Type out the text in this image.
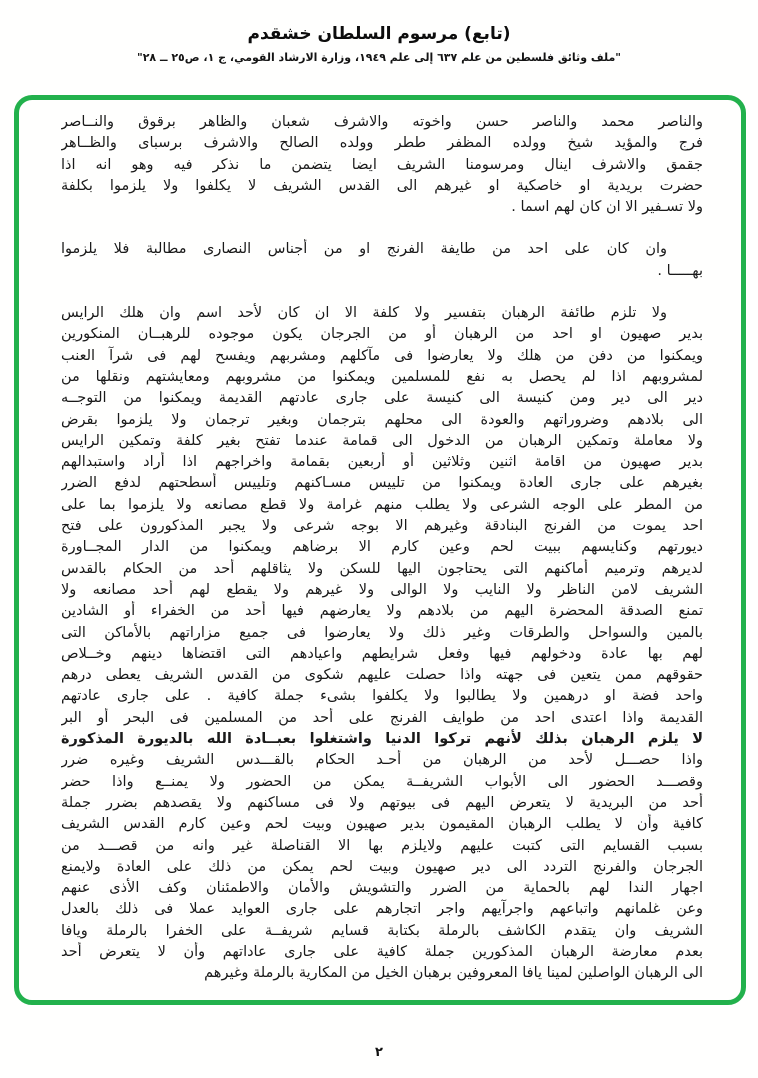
(تابع) مرسوم السلطان خشقدم
"ملف وثائق فلسطين من علم ٦٣٧ إلى علم ١٩٤٩، وزارة الارشاد القومي، ج ١، ص٢٥ ــ ٢٨"
والناصر محمد والناصر حسن واخوته والاشرف شعبان والظاهر برقوق والنــاصر
فرج والمؤيد شيخ وولده المظفر ططر وولده الصالح والاشرف برسباى والظــاهر
جقمق والاشرف اينال ومرسومنا الشريف ايضا يتضمن ما نذكر فيه وهو انه اذا
حضرت بريدية او خاصكية او غيرهم الى القدس الشريف لا يكلفوا ولا يلزموا بكلفة
ولا تسـفير الا ان كان لهم اسما .
وان كان على احد من طايفة الفرنج او من أجناس النصارى مطالبة فلا يلزموا
بهـــــا .
ولا تلزم طائفة الرهبان بتفسير ولا كلفة الا ان كان لأحد اسم وان هلك الرايس
بدير صهيون او احد من الرهبان أو من الجرجان يكون موجوده للرهبــان المنكورين
ويمكنوا من دفن من هلك ولا يعارضوا فى مآكلهم ومشربهم ويفسح لهم فى شرآ العنب
لمشروبهم اذا لم يحصل به نفع للمسلمين ويمكنوا من مشروبهم ومعايشتهم ونقلها من
دير الى دير ومن كنيسة الى كنيسة على جارى عادتهم القديمة ويمكنوا من التوجــه
الى بلادهم وضروراتهم والعودة الى محلهم بترجمان وبغير ترجمان ولا يلزموا بقرض
ولا معاملة وتمكين الرهبان من الدخول الى قمامة عندما تفتح بغير كلفة وتمكين الرايس
بدير صهيون من اقامة اثنين وثلاثين أو أربعين بقمامة واخراجهم اذا أراد واستبدالهم
بغيرهم على جارى العادة ويمكنوا من تلييس مسـاكنهم وتلييس أسطحتهم لدفع الضرر
من المطر على الوجه الشرعى ولا يطلب منهم غرامة ولا قطع مصانعه ولا يلزموا بما على
احد يموت من الفرنج البنادقة وغيرهم الا بوجه شرعى ولا يجبر المذكورون على فتح
ديورتهم وكنايسهم ببيت لحم وعين كارم الا برضاهم ويمكنوا من الدار المجــاورة
لديرهم وترميم أماكنهم التى يحتاجون اليها للسكن ولا يثاقلهم أحد من الحكام بالقدس
الشريف لامن الناظر ولا النايب ولا الوالى ولا غيرهم ولا يقطع لهم أحد مصانعه ولا
تمنع الصدقة المحضرة اليهم من بلادهم ولا يعارضهم فيها أحد من الخفراء أو الشادين
بالمين والسواحل والطرقات وغير ذلك ولا يعارضوا فى جميع مزاراتهم بالأماكن التى
لهم بها عادة ودخولهم فيها وفعل شرايطهم واعيادهم التى اقتضاها دينهم وخــلاص
حقوقهم ممن يتعين فى جهته واذا حصلت عليهم شكوى من القدس الشريف يعطى درهم
واحد فضة او درهمين ولا يطالبوا ولا يكلفوا بشىء جملة كافية . على جارى عادتهم
القديمة واذا اعتدى احد من طوايف الفرنج على أحد من المسلمين فى البحر أو البر
لا يلزم الرهبان بذلك لأنهم تركوا الدنيا واشتغلوا بعبــادة الله بالديورة المذكورة
واذا حصـــل لأحد من الرهبان من أحـد الحكام بالقـــدس الشريف وغيره ضرر
وقصـــد الحضور الى الأبواب الشريفــة يمكن من الحضور ولا يمنــع واذا حضر
أحد من البريدية لا يتعرض اليهم فى بيوتهم ولا فى مساكنهم ولا يقصدهم بضرر جملة
كافية وأن لا يطلب الرهبان المقيمون بدير صهيون وبيت لحم وعين كارم القدس الشريف
بسبب القسايم التى كتبت عليهم ولايلزم بها الا القناصلة غير وانه من قصـــد من
الجرجان والفرنج التردد الى دير صهيون وبيت لحم يمكن من ذلك على العادة ولايمنع
اجهار الندا لهم بالحماية من الضرر والتشويش والأمان والاطمئنان وكف الأذى عنهم
وعن غلمانهم واتباعهم واجرآيهم واجر اتجارهم على جارى العوايد عملا فى ذلك بالعدل
الشريف وان يتقدم الكاشف بالرملة بكتابة قسايم شريفــة على الخفرا بالرملة ويافا
بعدم معارضة الرهبان المذكورين جملة كافية على جارى عاداتهم وأن لا يتعرض أحد
الى الرهبان الواصلين لمينا يافا المعروفين برهبان الخيل من المكارية بالرملة وغيرهم
٢
